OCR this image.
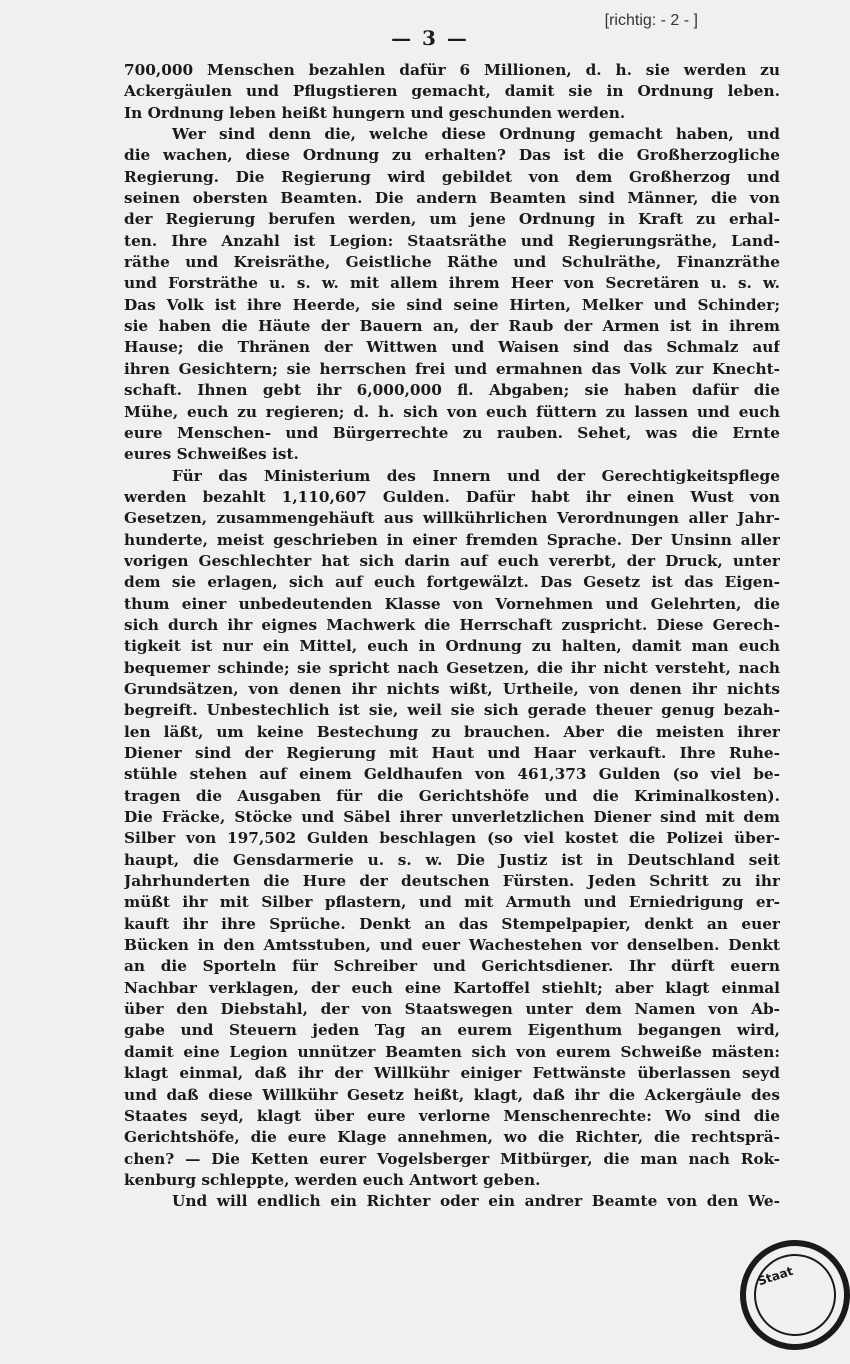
[richtig: - 2 - ]
— 3 —
700,000 Menschen bezahlen dafür 6 Millionen, d. h. sie werden zu
Ackergäulen und Pflugstieren gemacht, damit sie in Ordnung leben.
In Ordnung leben heißt hungern und geschunden werden.
Wer sind denn die, welche diese Ordnung gemacht haben, und
die wachen, diese Ordnung zu erhalten? Das ist die Großherzogliche
Regierung. Die Regierung wird gebildet von dem Großherzog und
seinen obersten Beamten. Die andern Beamten sind Männer, die von
der Regierung berufen werden, um jene Ordnung in Kraft zu erhal-
ten. Ihre Anzahl ist Legion: Staatsräthe und Regierungsräthe, Land-
räthe und Kreisräthe, Geistliche Räthe und Schulräthe, Finanzräthe
und Forsträthe u. s. w. mit allem ihrem Heer von Secretären u. s. w.
Das Volk ist ihre Heerde, sie sind seine Hirten, Melker und Schinder;
sie haben die Häute der Bauern an, der Raub der Armen ist in ihrem
Hause; die Thränen der Wittwen und Waisen sind das Schmalz auf
ihren Gesichtern; sie herrschen frei und ermahnen das Volk zur Knecht-
schaft. Ihnen gebt ihr 6,000,000 fl. Abgaben; sie haben dafür die
Mühe, euch zu regieren; d. h. sich von euch füttern zu lassen und euch
eure Menschen- und Bürgerrechte zu rauben. Sehet, was die Ernte
eures Schweißes ist.
Für das Ministerium des Innern und der Gerechtigkeitspflege
werden bezahlt 1,110,607 Gulden. Dafür habt ihr einen Wust von
Gesetzen, zusammengehäuft aus willkührlichen Verordnungen aller Jahr-
hunderte, meist geschrieben in einer fremden Sprache. Der Unsinn aller
vorigen Geschlechter hat sich darin auf euch vererbt, der Druck, unter
dem sie erlagen, sich auf euch fortgewälzt. Das Gesetz ist das Eigen-
thum einer unbedeutenden Klasse von Vornehmen und Gelehrten, die
sich durch ihr eignes Machwerk die Herrschaft zuspricht. Diese Gerech-
tigkeit ist nur ein Mittel, euch in Ordnung zu halten, damit man euch
bequemer schinde; sie spricht nach Gesetzen, die ihr nicht versteht, nach
Grundsätzen, von denen ihr nichts wißt, Urtheile, von denen ihr nichts
begreift. Unbestechlich ist sie, weil sie sich gerade theuer genug bezah-
len läßt, um keine Bestechung zu brauchen. Aber die meisten ihrer
Diener sind der Regierung mit Haut und Haar verkauft. Ihre Ruhe-
stühle stehen auf einem Geldhaufen von 461,373 Gulden (so viel be-
tragen die Ausgaben für die Gerichtshöfe und die Kriminalkosten).
Die Fräcke, Stöcke und Säbel ihrer unverletzlichen Diener sind mit dem
Silber von 197,502 Gulden beschlagen (so viel kostet die Polizei über-
haupt, die Gensdarmerie u. s. w. Die Justiz ist in Deutschland seit
Jahrhunderten die Hure der deutschen Fürsten. Jeden Schritt zu ihr
müßt ihr mit Silber pflastern, und mit Armuth und Erniedrigung er-
kauft ihr ihre Sprüche. Denkt an das Stempelpapier, denkt an euer
Bücken in den Amtsstuben, und euer Wachestehen vor denselben. Denkt
an die Sporteln für Schreiber und Gerichtsdiener. Ihr dürft euern
Nachbar verklagen, der euch eine Kartoffel stiehlt; aber klagt einmal
über den Diebstahl, der von Staatswegen unter dem Namen von Ab-
gabe und Steuern jeden Tag an eurem Eigenthum begangen wird,
damit eine Legion unnützer Beamten sich von eurem Schweiße mästen:
klagt einmal, daß ihr der Willkühr einiger Fettwänste überlassen seyd
und daß diese Willkühr Gesetz heißt, klagt, daß ihr die Ackergäule des
Staates seyd, klagt über eure verlorne Menschenrechte: Wo sind die
Gerichtshöfe, die eure Klage annehmen, wo die Richter, die rechtsprä-
chen? — Die Ketten eurer Vogelsberger Mitbürger, die man nach Rok-
kenburg schleppte, werden euch Antwort geben.
Und will endlich ein Richter oder ein andrer Beamte von den We-
Staat
